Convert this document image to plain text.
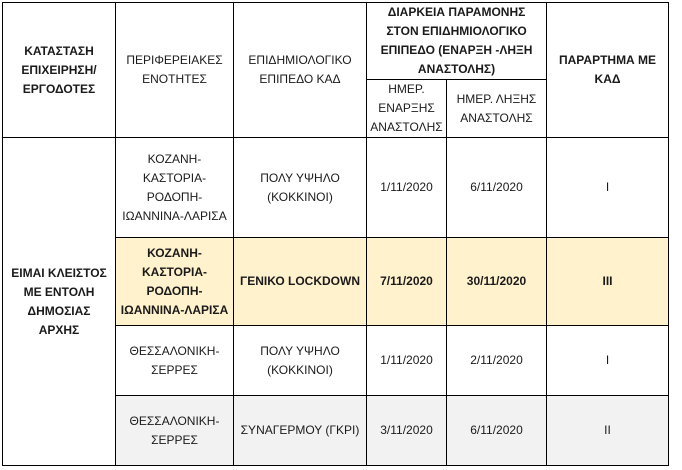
ΚΑΤΑΣΤΑΣΗ ΕΠΙΧΕΙΡΗΣΗ/ ΕΡΓΟΔΟΤΕΣ	ΠΕΡΙΦΕΡΕΙΑΚΕΣ ΕΝΟΤΗΤΕΣ	ΕΠΙΔΗΜΙΟΛΟΓΙΚΟ ΕΠΙΠΕΔΟ ΚΑΔ	ΔΙΑΡΚΕΙΑ ΠΑΡΑΜΟΝΗΣ ΣΤΟΝ ΕΠΙΔΗΜΙΟΛΟΓΙΚΟ ΕΠΙΠΕΔΟ (ΕΝΑΡΞΗ -ΛΗΞΗ ΑΝΑΣΤΟΛΗΣ)		ΠΑΡΑΡΤΗΜΑ ΜΕ ΚΑΔ
			ΗΜΕΡ. ΕΝΑΡΞΗΣ ΑΝΑΣΤΟΛΗΣ	ΗΜΕΡ. ΛΗΞΗΣ ΑΝΑΣΤΟΛΗΣ	
ΕΙΜΑΙ ΚΛΕΙΣΤΟΣ ΜΕ ΕΝΤΟΛΗ ΔΗΜΟΣΙΑΣ ΑΡΧΗΣ	ΚΟΖΑΝΗ-ΚΑΣΤΟΡΙΑ-ΡΟΔΟΠΗ-ΙΩΑΝΝΙΝΑ-ΛΑΡΙΣΑ	ΠΟΛΥ ΥΨΗΛΟ (ΚΟΚΚΙΝΟΙ)	1/11/2020	6/11/2020	I
	ΚΟΖΑΝΗ-ΚΑΣΤΟΡΙΑ-ΡΟΔΟΠΗ-ΙΩΑΝΝΙΝΑ-ΛΑΡΙΣΑ	ΓΕΝΙΚΟ LOCKDOWN	7/11/2020	30/11/2020	III
	ΘΕΣΣΑΛΟΝΙΚΗ-ΣΕΡΡΕΣ	ΠΟΛΥ ΥΨΗΛΟ (ΚΟΚΚΙΝΟΙ)	1/11/2020	2/11/2020	I
	ΘΕΣΣΑΛΟΝΙΚΗ-ΣΕΡΡΕΣ	ΣΥΝΑΓΕΡΜΟΥ (ΓΚΡΙ)	3/11/2020	6/11/2020	II
